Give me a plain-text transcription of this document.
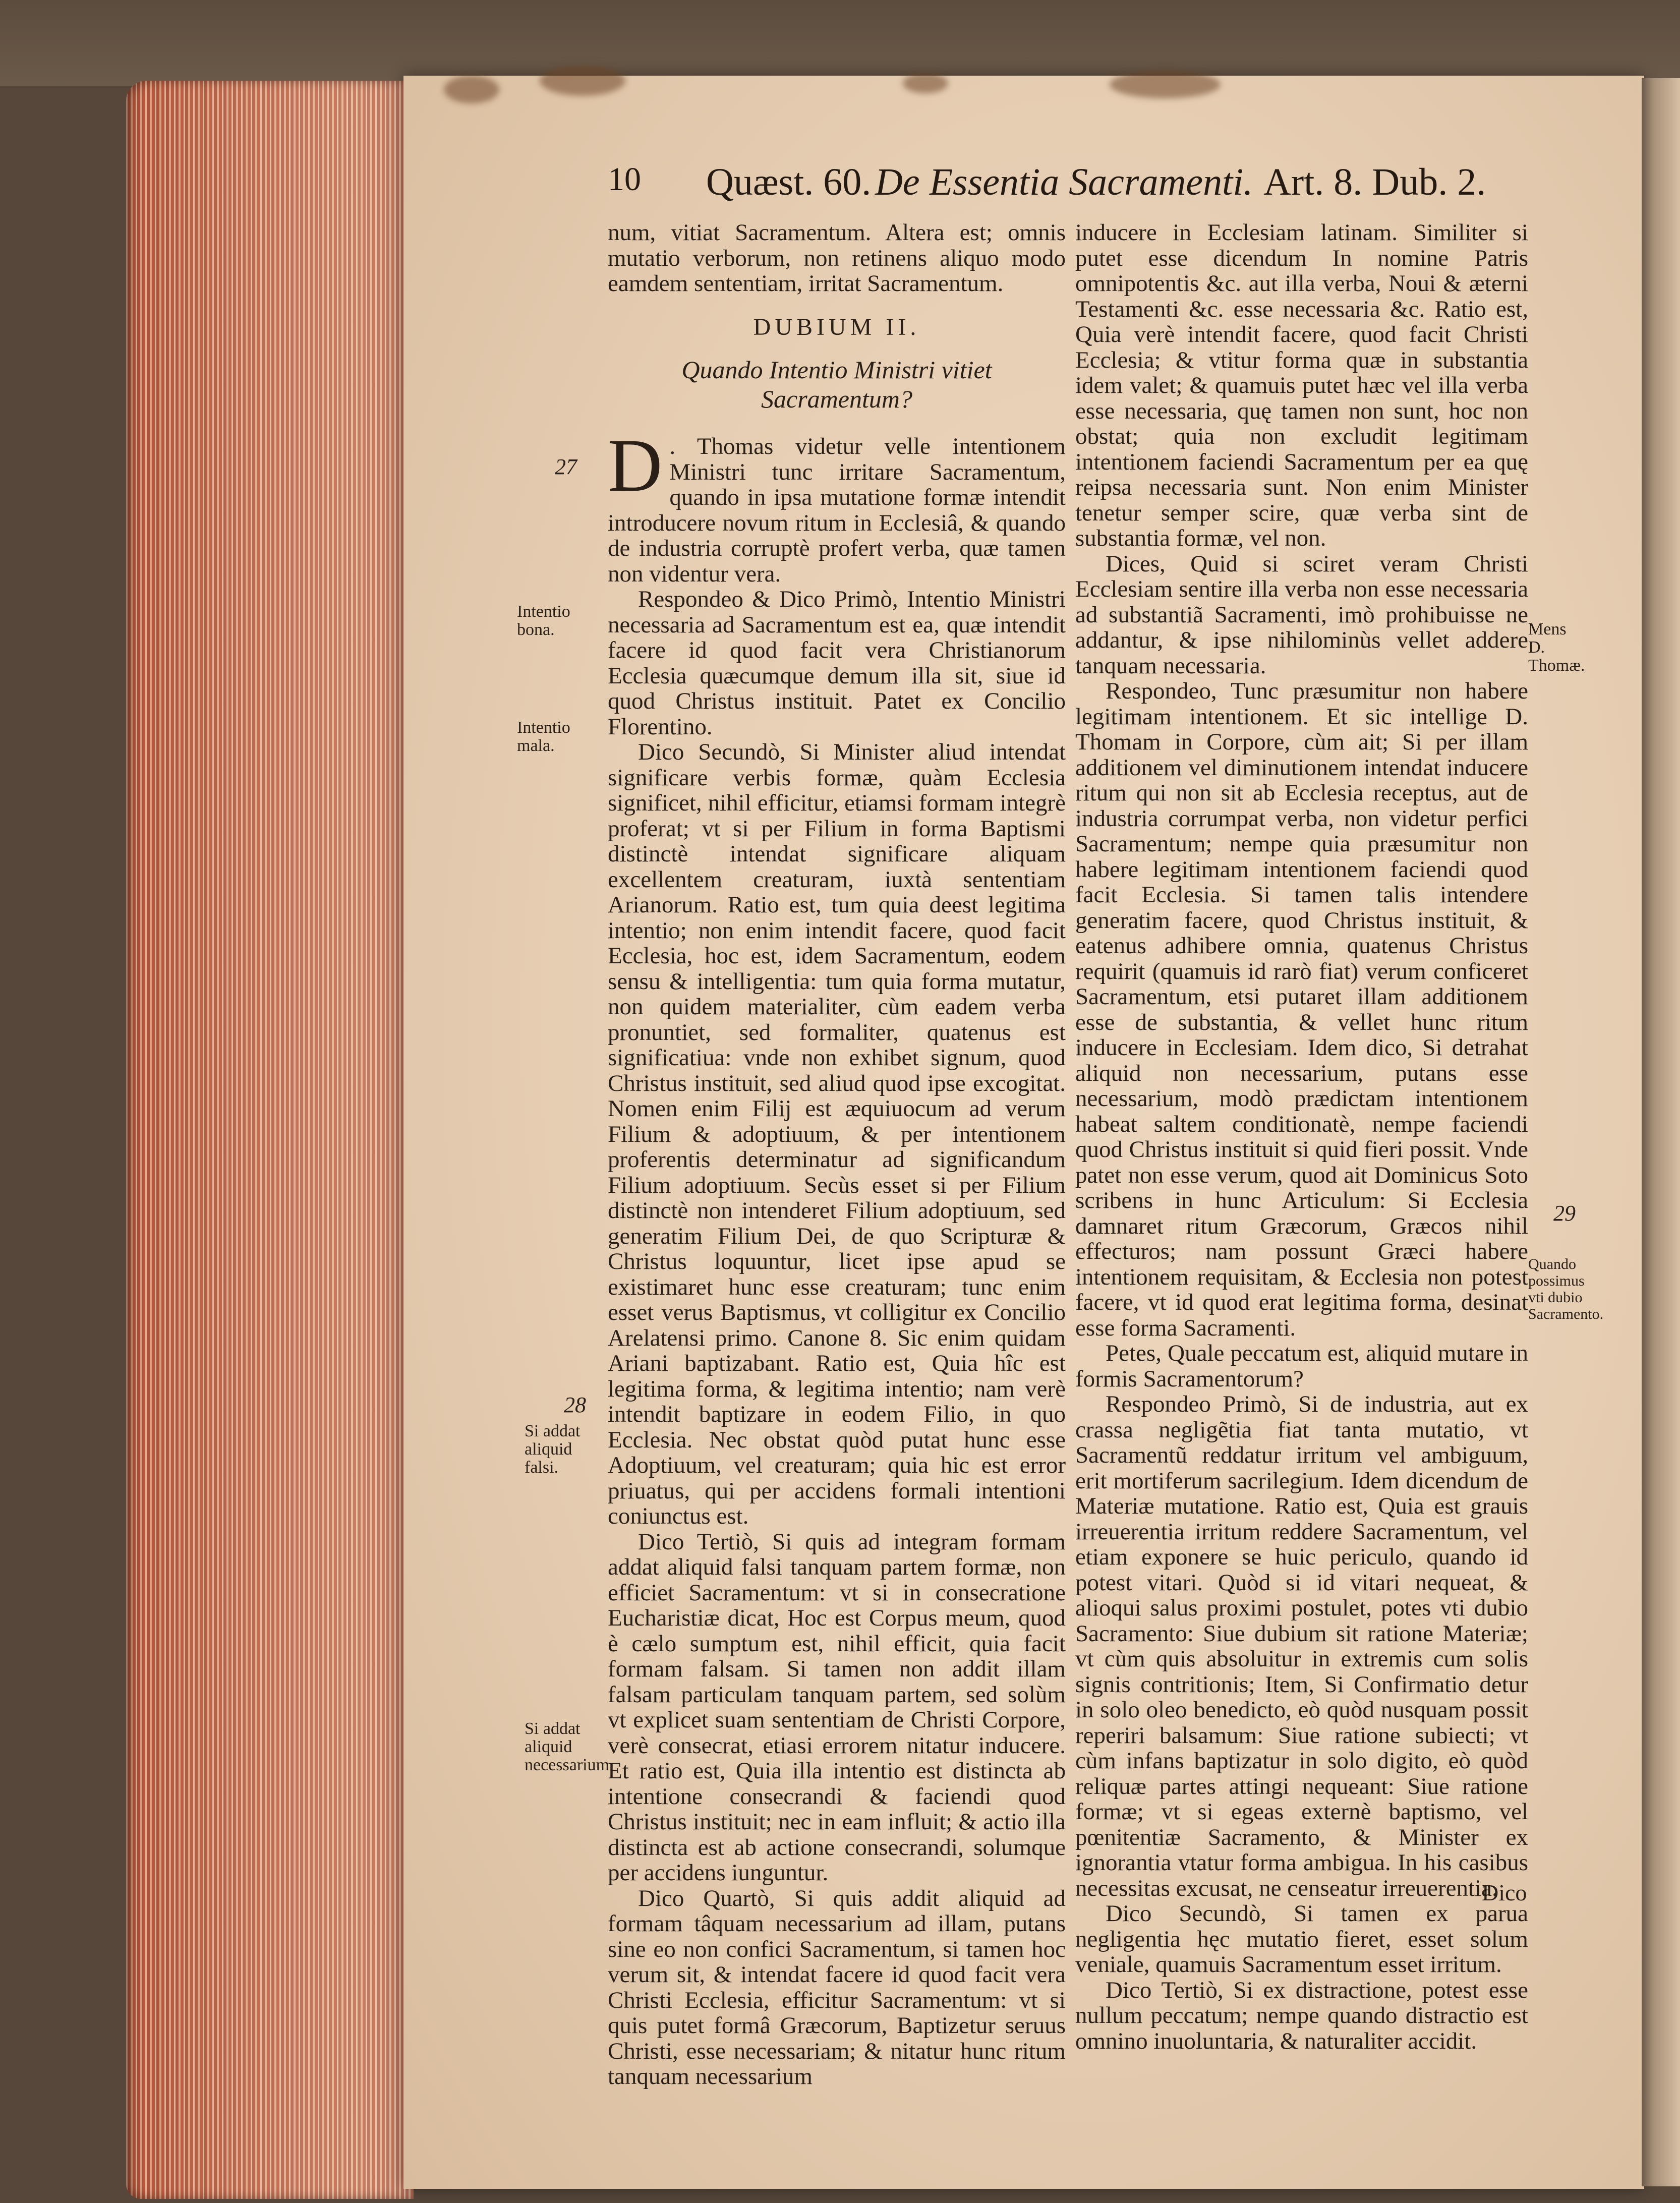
10 Quæst. 60. De Essentia Sacramenti. Art. 8. Dub. 2.
27
Intentio bona.
Intentio mala.
28
Si addat aliquid falsi.
Si addat aliquid necessarium.
Mens D. Thomæ.
29
Quando possimus vti dubio Sacramento.

num, vitiat Sacramentum. Altera est; omnis mutatio verborum, non retinens aliquo modo eamdem sententiam, irritat Sacramentum.

DUBIUM II.
Quando Intentio Ministri vitiet Sacramentum?

D . Thomas videtur velle intentionem Ministri tunc irritare Sacramentum, quando in ipsa mutatione formæ intendit introducere novum ritum in Ecclesiâ, & quando de industria corruptè profert verba, quæ tamen non videntur vera.

Respondeo & Dico Primò, Intentio Ministri necessaria ad Sacramentum est ea, quæ intendit facere id quod facit vera Christianorum Ecclesia quæcumque demum illa sit, siue id quod Christus instituit. Patet ex Concilio Florentino.

Dico Secundò, Si Minister aliud intendat significare verbis formæ, quàm Ecclesia significet, nihil efficitur, etiamsi formam integrè proferat; vt si per Filium in forma Baptismi distinctè intendat significare aliquam excellentem creaturam, iuxtà sententiam Arianorum. Ratio est, tum quia deest legitima intentio; non enim intendit facere, quod facit Ecclesia, hoc est, idem Sacramentum, eodem sensu & intelligentia: tum quia forma mutatur, non quidem materialiter, cùm eadem verba pronuntiet, sed formaliter, quatenus est significatiua: vnde non exhibet signum, quod Christus instituit, sed aliud quod ipse excogitat. Nomen enim Filij est æquiuocum ad verum Filium & adoptiuum, & per intentionem proferentis determinatur ad significandum Filium adoptiuum. Secùs esset si per Filium distinctè non intenderet Filium adoptiuum, sed generatim Filium Dei, de quo Scripturæ & Christus loquuntur, licet ipse apud se existimaret hunc esse creaturam; tunc enim esset verus Baptismus, vt colligitur ex Concilio Arelatensi primo. Canone 8. Sic enim quidam Ariani baptizabant. Ratio est, Quia hîc est legitima forma, & legitima intentio; nam verè intendit baptizare in eodem Filio, in quo Ecclesia. Nec obstat quòd putat hunc esse Adoptiuum, vel creaturam; quia hic est error priuatus, qui per accidens formali intentioni coniunctus est.

Dico Tertiò, Si quis ad integram formam addat aliquid falsi tanquam partem formæ, non efficiet Sacramentum: vt si in consecratione Eucharistiæ dicat, Hoc est Corpus meum, quod è cælo sumptum est, nihil efficit, quia facit formam falsam. Si tamen non addit illam falsam particulam tanquam partem, sed solùm vt explicet suam sententiam de Christi Corpore, verè consecrat, etiasi errorem nitatur inducere. Et ratio est, Quia illa intentio est distincta ab intentione consecrandi & faciendi quod Christus instituit; nec in eam influit; & actio illa distincta est ab actione consecrandi, solumque per accidens iunguntur.

Dico Quartò, Si quis addit aliquid ad formam tâquam necessarium ad illam, putans sine eo non confici Sacramentum, si tamen hoc verum sit, & intendat facere id quod facit vera Christi Ecclesia, efficitur Sacramentum: vt si quis putet formâ Græcorum, Baptizetur seruus Christi, esse necessariam; & nitatur hunc ritum tanquam necessarium

inducere in Ecclesiam latinam. Similiter si putet esse dicendum In nomine Patris omnipotentis &c. aut illa verba, Noui & æterni Testamenti &c. esse necessaria &c. Ratio est, Quia verè intendit facere, quod facit Christi Ecclesia; & vtitur forma quæ in substantia idem valet; & quamuis putet hæc vel illa verba esse necessaria, quę tamen non sunt, hoc non obstat; quia non excludit legitimam intentionem faciendi Sacramentum per ea quę reipsa necessaria sunt. Non enim Minister tenetur semper scire, quæ verba sint de substantia formæ, vel non.

Dices, Quid si sciret veram Christi Ecclesiam sentire illa verba non esse necessaria ad substantiã Sacramenti, imò prohibuisse ne addantur, & ipse nihilominùs vellet addere tanquam necessaria.

Respondeo, Tunc præsumitur non habere legitimam intentionem. Et sic intellige D. Thomam in Corpore, cùm ait; Si per illam additionem vel diminutionem intendat inducere ritum qui non sit ab Ecclesia receptus, aut de industria corrumpat verba, non videtur perfici Sacramentum; nempe quia præsumitur non habere legitimam intentionem faciendi quod facit Ecclesia. Si tamen talis intendere generatim facere, quod Christus instituit, & eatenus adhibere omnia, quatenus Christus requirit (quamuis id rarò fiat) verum conficeret Sacramentum, etsi putaret illam additionem esse de substantia, & vellet hunc ritum inducere in Ecclesiam. Idem dico, Si detrahat aliquid non necessarium, putans esse necessarium, modò prædictam intentionem habeat saltem conditionatè, nempe faciendi quod Christus instituit si quid fieri possit. Vnde patet non esse verum, quod ait Dominicus Soto scribens in hunc Articulum: Si Ecclesia damnaret ritum Græcorum, Græcos nihil effecturos; nam possunt Græci habere intentionem requisitam, & Ecclesia non potest facere, vt id quod erat legitima forma, desinat esse forma Sacramenti.

Petes, Quale peccatum est, aliquid mutare in formis Sacramentorum?

Respondeo Primò, Si de industria, aut ex crassa negligẽtia fiat tanta mutatio, vt Sacramentũ reddatur irritum vel ambiguum, erit mortiferum sacrilegium. Idem dicendum de Materiæ mutatione. Ratio est, Quia est grauis irreuerentia irritum reddere Sacramentum, vel etiam exponere se huic periculo, quando id potest vitari. Quòd si id vitari nequeat, & alioqui salus proximi postulet, potes vti dubio Sacramento: Siue dubium sit ratione Materiæ; vt cùm quis absoluitur in extremis cum solis signis contritionis; Item, Si Confirmatio detur in solo oleo benedicto, eò quòd nusquam possit reperiri balsamum: Siue ratione subiecti; vt cùm infans baptizatur in solo digito, eò quòd reliquæ partes attingi nequeant: Siue ratione formæ; vt si egeas externè baptismo, vel pœnitentiæ Sacramento, & Minister ex ignorantia vtatur forma ambigua. In his casibus necessitas excusat, ne censeatur irreuerentia.

Dico Secundò, Si tamen ex parua negligentia hęc mutatio fieret, esset solum veniale, quamuis Sacramentum esset irritum.

Dico Tertiò, Si ex distractione, potest esse nullum peccatum; nempe quando distractio est omnino inuoluntaria, & naturaliter accidit.

Dico
